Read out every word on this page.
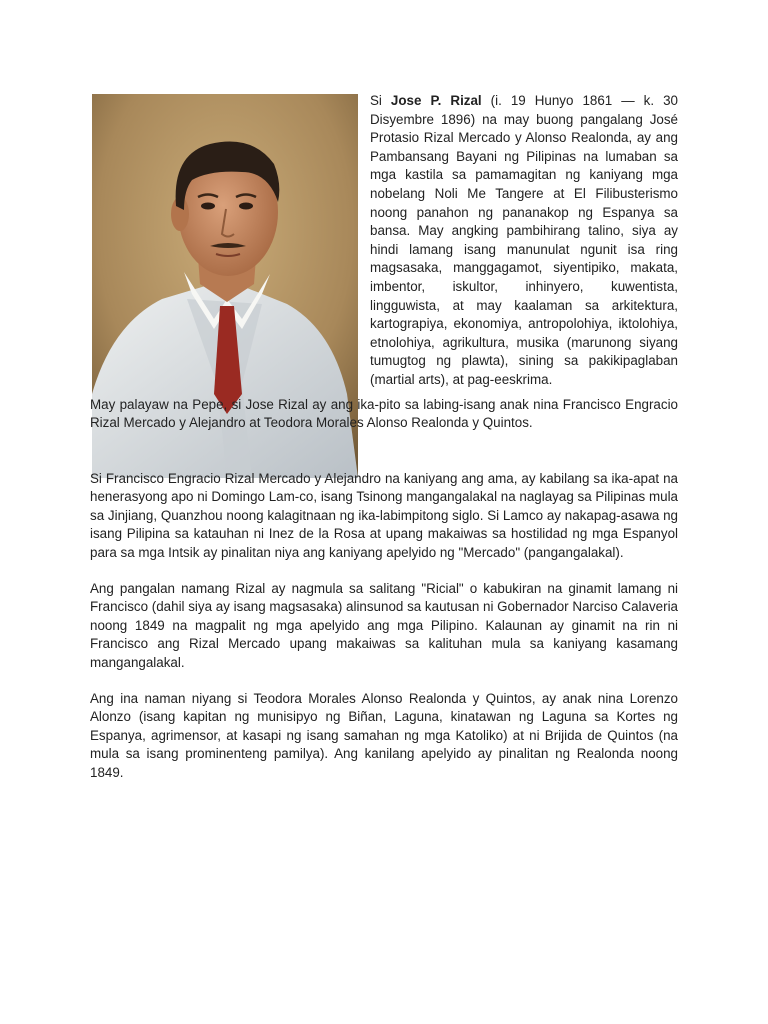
Si Jose P. Rizal (i. 19 Hunyo 1861 — k. 30 Disyembre 1896) na may buong pangalang José Protasio Rizal Mercado y Alonso Realonda, ay ang Pambansang Bayani ng Pilipinas na lumaban sa mga kastila sa pamamagitan ng kaniyang mga nobelang Noli Me Tangere at El Filibusterismo noong panahon ng pananakop ng Espanya sa bansa. May angking pambihirang talino, siya ay hindi lamang isang manunulat ngunit isa ring magsasaka, manggagamot, siyentipiko, makata, imbentor, iskultor, inhinyero, kuwentista, lingguwista, at may kaalaman sa arkitektura, kartograpiya, ekonomiya, antropolohiya, iktolohiya, etnolohiya, agrikultura, musika (marunong siyang tumugtog ng plawta), sining sa pakikipaglaban (martial arts), at pag-eeskrima.

May palayaw na Pepe, si Jose Rizal ay ang ika-pito sa labing-isang anak nina Francisco Engracio Rizal Mercado y Alejandro at Teodora Morales Alonso Realonda y Quintos.

Si Francisco Engracio Rizal Mercado y Alejandro na kaniyang ang ama, ay kabilang sa ika-apat na henerasyong apo ni Domingo Lam-co, isang Tsinong mangangalakal na naglayag sa Pilipinas mula sa Jinjiang, Quanzhou noong kalagitnaan ng ika-labimpitong siglo. Si Lamco ay nakapag-asawa ng isang Pilipina sa katauhan ni Inez de la Rosa at upang makaiwas sa hostilidad ng mga Espanyol para sa mga Intsik ay pinalitan niya ang kaniyang apelyido ng "Mercado" (pangangalakal).

Ang pangalan namang Rizal ay nagmula sa salitang "Ricial" o kabukiran na ginamit lamang ni Francisco (dahil siya ay isang magsasaka) alinsunod sa kautusan ni Gobernador Narciso Calaveria noong 1849 na magpalit ng mga apelyido ang mga Pilipino. Kalaunan ay ginamit na rin ni Francisco ang Rizal Mercado upang makaiwas sa kalituhan mula sa kaniyang kasamang mangangalakal.

Ang ina naman niyang si Teodora Morales Alonso Realonda y Quintos, ay anak nina Lorenzo Alonzo (isang kapitan ng munisipyo ng Biñan, Laguna, kinatawan ng Laguna sa Kortes ng Espanya, agrimensor, at kasapi ng isang samahan ng mga Katoliko) at ni Brijida de Quintos (na mula sa isang prominenteng pamilya). Ang kanilang apelyido ay pinalitan ng Realonda noong 1849.
